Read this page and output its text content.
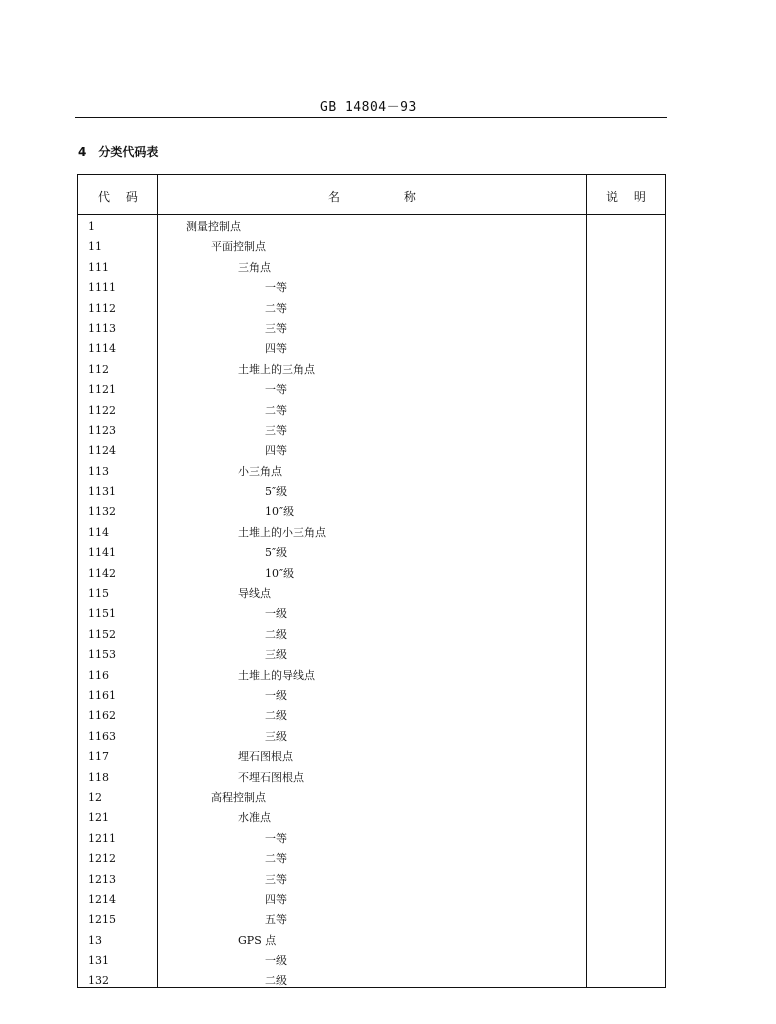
GB 14804－93
4 分类代码表
代 码	名 称	说 明
1	测量控制点
11	平面控制点
111	三角点
1111	一等
1112	二等
1113	三等
1114	四等
112	土堆上的三角点
1121	一等
1122	二等
1123	三等
1124	四等
113	小三角点
1131	5″级
1132	10″级
114	土堆上的小三角点
1141	5″级
1142	10″级
115	导线点
1151	一级
1152	二级
1153	三级
116	土堆上的导线点
1161	一级
1162	二级
1163	三级
117	埋石图根点
118	不埋石图根点
12	高程控制点
121	水准点
1211	一等
1212	二等
1213	三等
1214	四等
1215	五等
13	GPS 点
131	一级
132	二级
